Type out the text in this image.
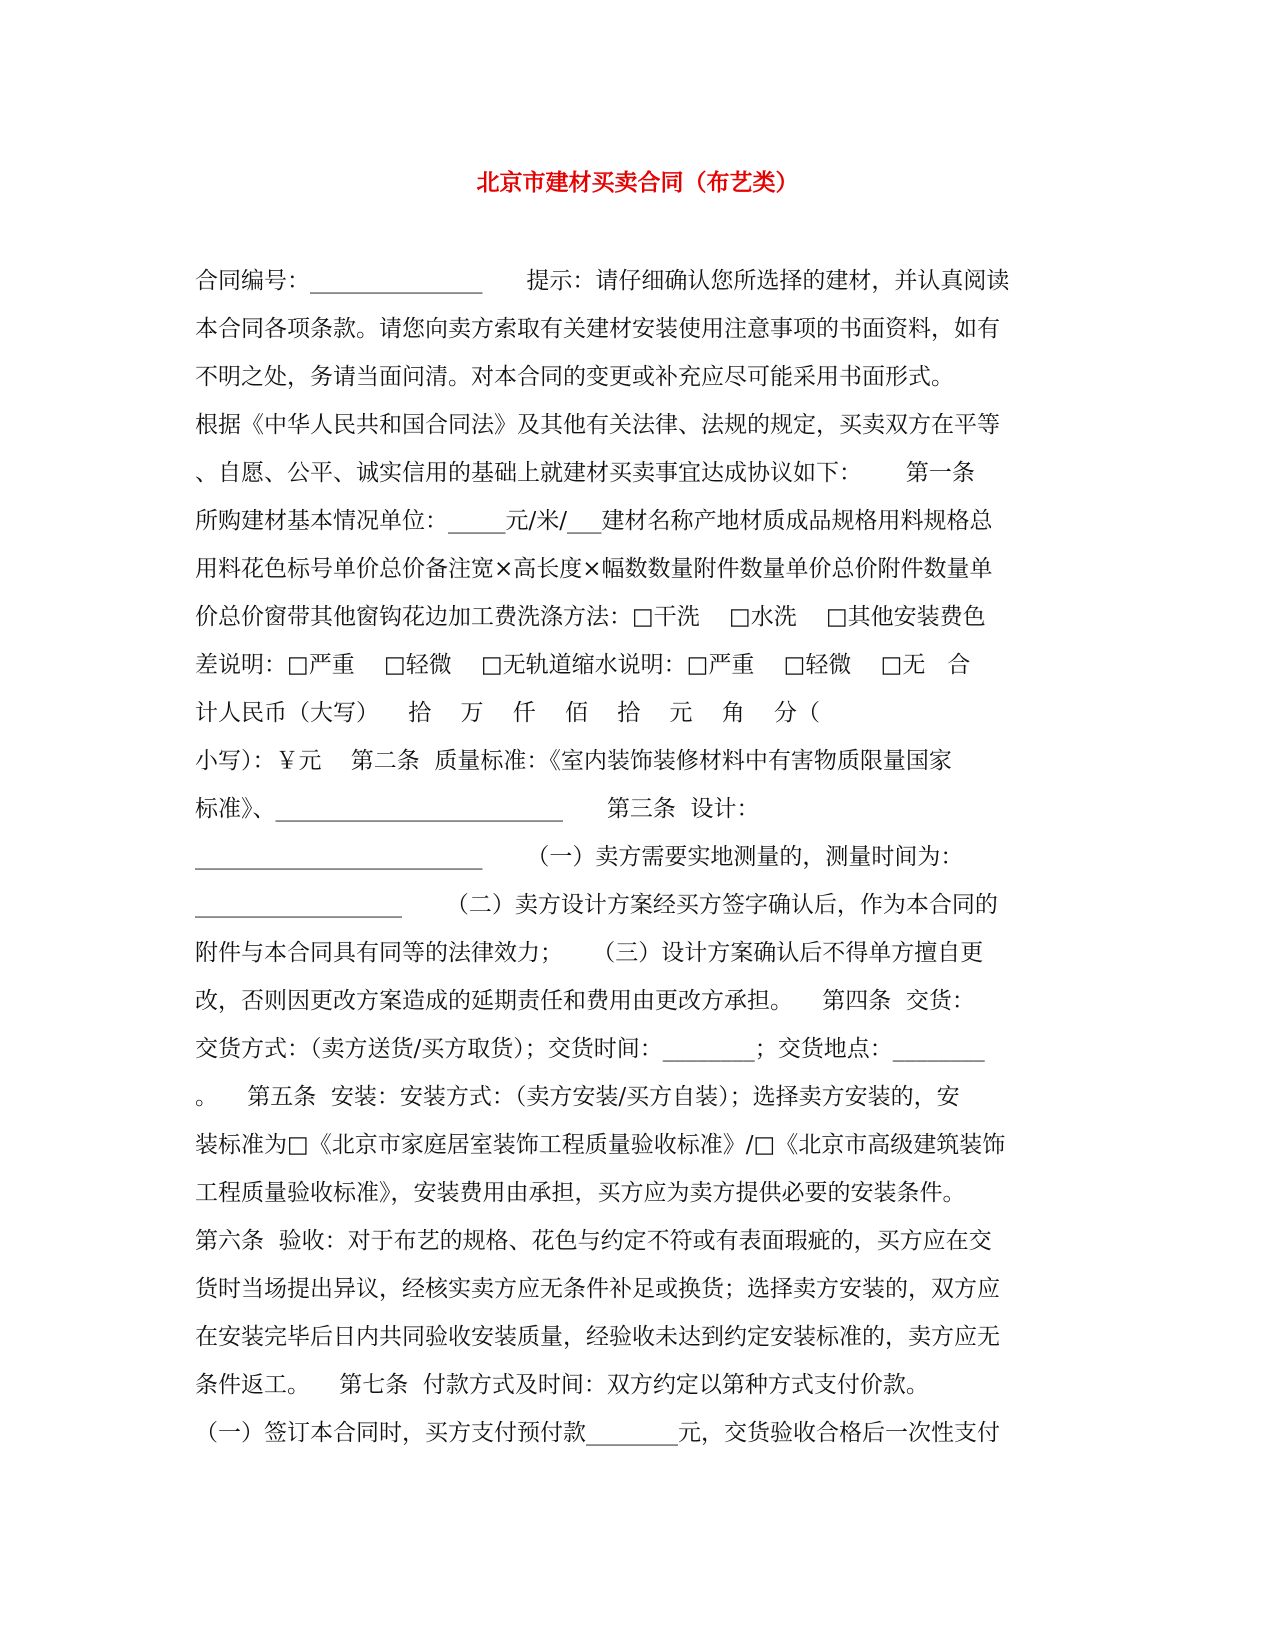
北京市建材买卖合同（布艺类）
合同编号：_______________      提示：请仔细确认您所选择的建材，并认真阅读
本合同各项条款。请您向卖方索取有关建材安装使用注意事项的书面资料，如有
不明之处，务请当面问清。对本合同的变更或补充应尽可能采用书面形式。
根据《中华人民共和国合同法》及其他有关法律、法规的规定，买卖双方在平等
、自愿、公平、诚实信用的基础上就建材买卖事宜达成协议如下：      第一条
所购建材基本情况单位：_____元/米/___建材名称产地材质成品规格用料规格总
用料花色标号单价总价备注宽×高长度×幅数数量附件数量单价总价附件数量单
价总价窗带其他窗钩花边加工费洗涤方法：□干洗    □水洗    □其他安装费色
差说明：□严重    □轻微    □无轨道缩水说明：□严重    □轻微    □无   合
计人民币（大写）    拾    万    仟    佰    拾    元    角    分（
小写）：￥元    第二条  质量标准：《室内装饰装修材料中有害物质限量国家
标准》、_________________________      第三条  设计：
_________________________      （一）卖方需要实地测量的，测量时间为：
__________________      （二）卖方设计方案经买方签字确认后，作为本合同的
附件与本合同具有同等的法律效力；    （三）设计方案确认后不得单方擅自更
改，否则因更改方案造成的延期责任和费用由更改方承担。    第四条  交货：
交货方式：（卖方送货/买方取货）；交货时间：________；交货地点：________
。    第五条  安装：安装方式：（卖方安装/买方自装）；选择卖方安装的，安
装标准为□《北京市家庭居室装饰工程质量验收标准》/□《北京市高级建筑装饰
工程质量验收标准》，安装费用由承担，买方应为卖方提供必要的安装条件。
第六条  验收：对于布艺的规格、花色与约定不符或有表面瑕疵的，买方应在交
货时当场提出异议，经核实卖方应无条件补足或换货；选择卖方安装的，双方应
在安装完毕后日内共同验收安装质量，经验收未达到约定安装标准的，卖方应无
条件返工。    第七条  付款方式及时间：双方约定以第种方式支付价款。
（一）签订本合同时，买方支付预付款________元，交货验收合格后一次性支付
